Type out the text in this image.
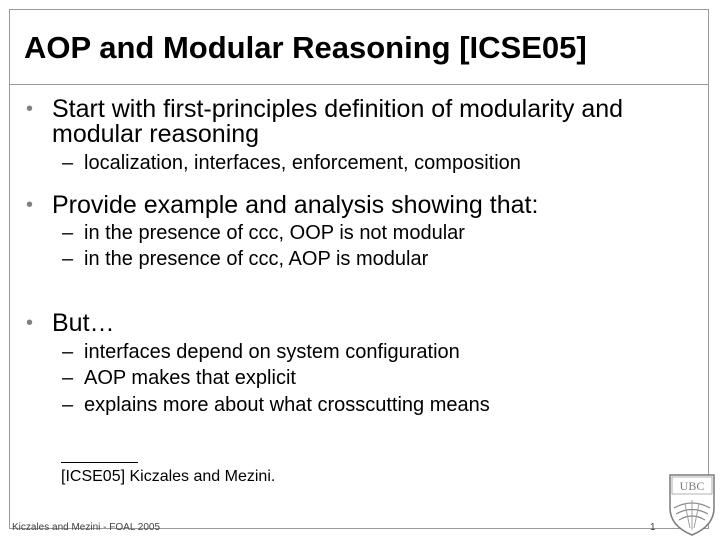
AOP and Modular Reasoning [ICSE05]
• Start with first-principles definition of modularity and modular reasoning
– localization, interfaces, enforcement, composition
• Provide example and analysis showing that:
– in the presence of ccc, OOP is not modular
– in the presence of ccc, AOP is modular
• But…
– interfaces depend on system configuration
– AOP makes that explicit
– explains more about what crosscutting means
[ICSE05] Kiczales and Mezini.
Kiczales and Mezini - FOAL 2005	1
UBC
